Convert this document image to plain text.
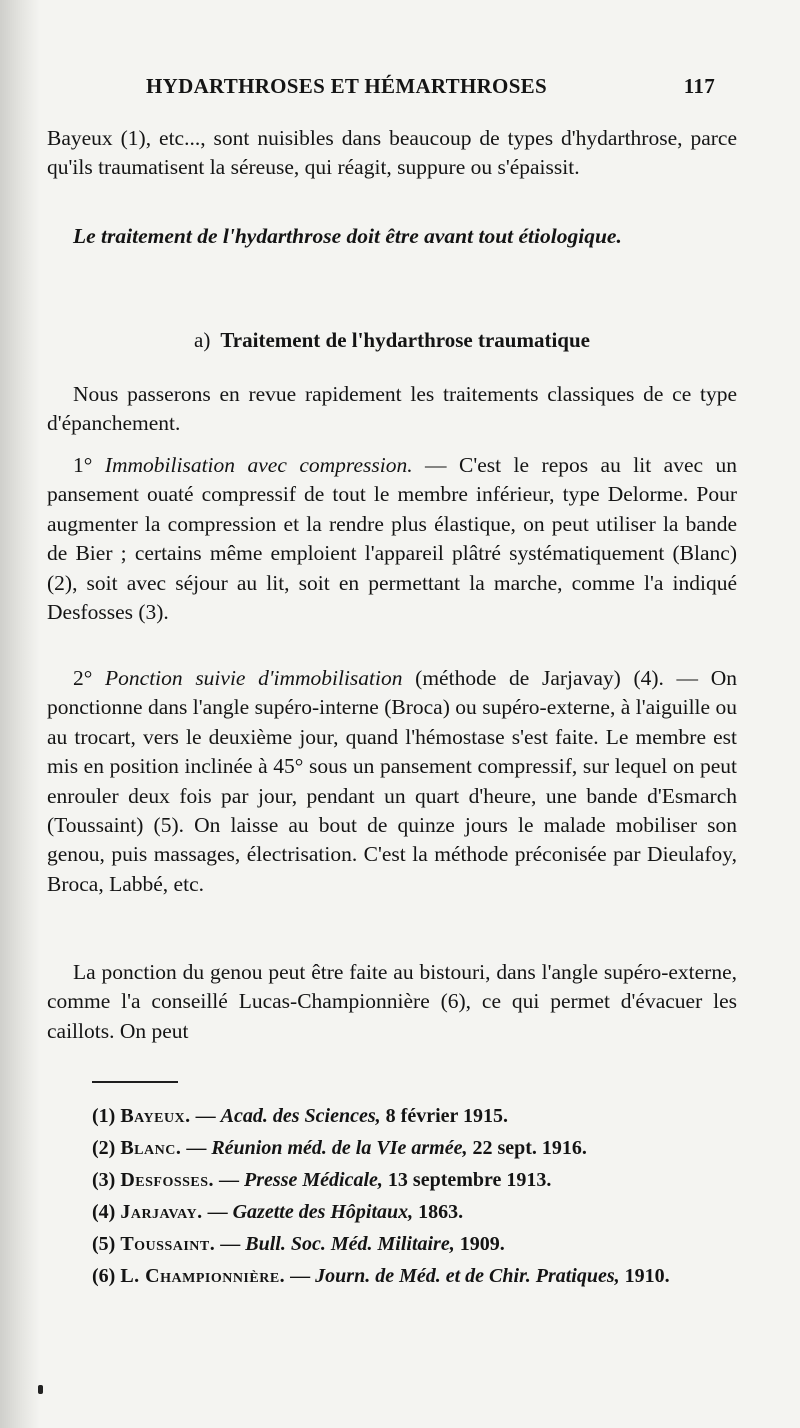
HYDARTHROSES ET HÉMARTHROSES	117

Bayeux (1), etc..., sont nuisibles dans beaucoup de types d'hydarthrose, parce qu'ils traumatisent la séreuse, qui réagit, suppure ou s'épaissit.

Le traitement de l'hydarthrose doit être avant tout étiologique.

a) Traitement de l'hydarthrose traumatique

Nous passerons en revue rapidement les traitements classiques de ce type d'épanchement.

1° Immobilisation avec compression. — C'est le repos au lit avec un pansement ouaté compressif de tout le membre inférieur, type Delorme. Pour augmenter la compression et la rendre plus élastique, on peut utiliser la bande de Bier ; certains même emploient l'appareil plâtré systématiquement (Blanc) (2), soit avec séjour au lit, soit en permettant la marche, comme l'a indiqué Desfosses (3).

2° Ponction suivie d'immobilisation (méthode de Jarjavay) (4). — On ponctionne dans l'angle supéro-interne (Broca) ou supéro-externe, à l'aiguille ou au trocart, vers le deuxième jour, quand l'hémostase s'est faite. Le membre est mis en position inclinée à 45° sous un pansement compressif, sur lequel on peut enrouler deux fois par jour, pendant un quart d'heure, une bande d'Esmarch (Toussaint) (5). On laisse au bout de quinze jours le malade mobiliser son genou, puis massages, électrisation. C'est la méthode préconisée par Dieulafoy, Broca, Labbé, etc.

La ponction du genou peut être faite au bistouri, dans l'angle supéro-externe, comme l'a conseillé Lucas-Championnière (6), ce qui permet d'évacuer les caillots. On peut

(1) Bayeux. — Acad. des Sciences, 8 février 1915.

(2) Blanc. — Réunion méd. de la VIe armée, 22 sept. 1916.

(3) Desfosses. — Presse Médicale, 13 septembre 1913.

(4) Jarjavay. — Gazette des Hôpitaux, 1863.

(5) Toussaint. — Bull. Soc. Méd. Militaire, 1909.

(6) L. Championnière. — Journ. de Méd. et de Chir. Pratiques, 1910.
